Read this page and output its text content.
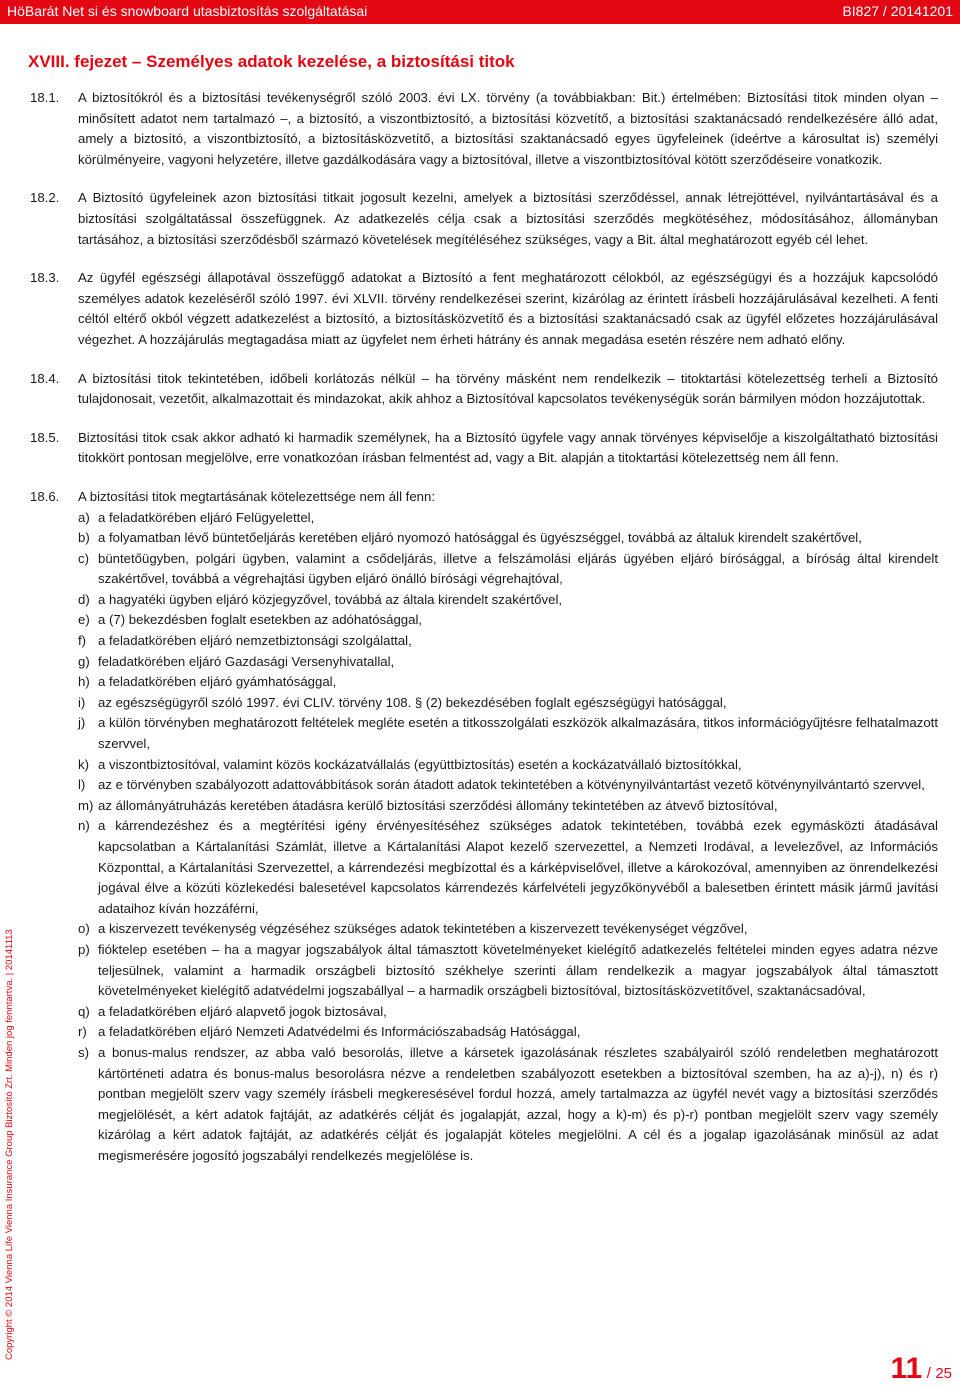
HöBarát Net si és snowboard utasbiztosítás szolgáltatásai	BI827 / 20141201
XVIII. fejezet – Személyes adatok kezelése, a biztosítási titok
18.1.	A biztosítókról és a biztosítási tevékenységről szóló 2003. évi LX. törvény (a továbbiakban: Bit.) értelmében: Biztosítási titok minden olyan – minősített adatot nem tartalmazó –, a biztosító, a viszontbiztosító, a biztosítási közvetítő, a biztosítási szaktanácsadó rendelkezésére álló adat, amely a biztosító, a viszontbiztosító, a biztosításközvetítő, a biztosítási szaktanácsadó egyes ügyfeleinek (ideértve a károsultat is) személyi körülményeire, vagyoni helyzetére, illetve gazdálkodására vagy a biztosítóval, illetve a viszontbiztosítóval kötött szerződéseire vonatkozik.
18.2.	A Biztosító ügyfeleinek azon biztosítási titkait jogosult kezelni, amelyek a biztosítási szerződéssel, annak létrejöttével, nyilvántartásával és a biztosítási szolgáltatással összefüggnek. Az adatkezelés célja csak a biztosítási szerződés megkötéséhez, módosításához, állományban tartásához, a biztosítási szerződésből származó követelések megítéléséhez szükséges, vagy a Bit. által meghatározott egyéb cél lehet.
18.3.	Az ügyfél egészségi állapotával összefüggő adatokat a Biztosító a fent meghatározott célokból, az egészségügyi és a hozzájuk kapcsolódó személyes adatok kezeléséről szóló 1997. évi XLVII. törvény rendelkezései szerint, kizárólag az érintett írásbeli hozzájárulásával kezelheti. A fenti céltól eltérő okból végzett adatkezelést a biztosító, a biztosításközvetítő és a biztosítási szaktanácsadó csak az ügyfél előzetes hozzájárulásával végezhet. A hozzájárulás megtagadása miatt az ügyfelet nem érheti hátrány és annak megadása esetén részére nem adható előny.
18.4.	A biztosítási titok tekintetében, időbeli korlátozás nélkül – ha törvény másként nem rendelkezik – titoktartási kötelezettség terheli a Biztosító tulajdonosait, vezetőit, alkalmazottait és mindazokat, akik ahhoz a Biztosítóval kapcsolatos tevékenységük során bármilyen módon hozzájutottak.
18.5.	Biztosítási titok csak akkor adható ki harmadik személynek, ha a Biztosító ügyfele vagy annak törvényes képviselője a kiszolgáltatható biztosítási titokkört pontosan megjelölve, erre vonatkozóan írásban felmentést ad, vagy a Bit. alapján a titoktartási kötelezettség nem áll fenn.
18.6.	A biztosítási titok megtartásának kötelezettsége nem áll fenn:
a) a feladatkörében eljáró Felügyelettel,
b) a folyamatban lévő büntetőeljárás keretében eljáró nyomozó hatósággal és ügyészséggel, továbbá az általuk kirendelt szakértővel,
c) büntetőügyben, polgári ügyben, valamint a csődeljárás, illetve a felszámolási eljárás ügyében eljáró bírósággal, a bíróság által kirendelt szakértővel, továbbá a végrehajtási ügyben eljáró önálló bírósági végrehajtóval,
d) a hagyatéki ügyben eljáró közjegyzővel, továbbá az általa kirendelt szakértővel,
e) a (7) bekezdésben foglalt esetekben az adóhatósággal,
f) a feladatkörében eljáró nemzetbiztonsági szolgálattal,
g) feladatkörében eljáró Gazdasági Versenyhivatallal,
h) a feladatkörében eljáró gyámhatósággal,
i) az egészségügyről szóló 1997. évi CLIV. törvény 108. § (2) bekezdésében foglalt egészségügyi hatósággal,
j) a külön törvényben meghatározott feltételek megléte esetén a titkosszolgálati eszközök alkalmazására, titkos információgyűjtésre felhatalmazott szervvel,
k) a viszontbiztosítóval, valamint közös kockázatvállalás (együttbiztosítás) esetén a kockázatvállaló biztosítókkal,
l) az e törvényben szabályozott adattovábbítások során átadott adatok tekintetében a kötvénynyilvántartást vezető kötvénynyilvántartó szervvel,
m) az állományátruházás keretében átadásra kerülő biztosítási szerződési állomány tekintetében az átvevő biztosítóval,
n) a kárrendezéshez és a megtérítési igény érvényesítéséhez szükséges adatok tekintetében, továbbá ezek egymásközti átadásával kapcsolatban a Kártalanítási Számlát, illetve a Kártalanítási Alapot kezelő szervezettel, a Nemzeti Irodával, a levelezővel, az Információs Központtal, a Kártalanítási Szervezettel, a kárrendezési megbízottal és a kárképviselővel, illetve a károkozóval, amennyiben az önrendelkezési jogával élve a közúti közlekedési balesetével kapcsolatos kárrendezés kárfelvételi jegyzőkönyvéből a balesetben érintett másik jármű javítási adataihoz kíván hozzáférni,
o) a kiszervezett tevékenység végzéséhez szükséges adatok tekintetében a kiszervezett tevékenységet végzővel,
p) fióktelep esetében – ha a magyar jogszabályok által támasztott követelményeket kielégítő adatkezelés feltételei minden egyes adatra nézve teljesülnek, valamint a harmadik országbeli biztosító székhelye szerinti állam rendelkezik a magyar jogszabályok által támasztott követelményeket kielégítő adatvédelmi jogszabállyal – a harmadik országbeli biztosítóval, biztosításközvetítővel, szaktanácsadóval,
q) a feladatkörében eljáró alapvető jogok biztosával,
r) a feladatkörében eljáró Nemzeti Adatvédelmi és Információszabadság Hatósággal,
s) a bonus-malus rendszer, az abba való besorolás, illetve a kársetek igazolásának részletes szabályairól szóló rendeletben meghatározott kártörténeti adatra és bonus-malus besorolásra nézve a rendeletben szabályozott esetekben a biztosítóval szemben, ha az a)-j), n) és r) pontban megjelölt szerv vagy személy írásbeli megkeresésével fordul hozzá, amely tartalmazza az ügyfél nevét vagy a biztosítási szerződés megjelölését, a kért adatok fajtáját, az adatkérés célját és jogalapját, azzal, hogy a k)-m) és p)-r) pontban megjelölt szerv vagy személy kizárólag a kért adatok fajtáját, az adatkérés célját és jogalapját köteles megjelölni. A cél és a jogalap igazolásának minősül az adat megismerésére jogosító jogszabályi rendelkezés megjelölése is.
Copyright © 2014 Vienna Life Vienna Insurance Group Biztosító Zrt. Minden jog fenntartva. | 20141113
11 / 25
